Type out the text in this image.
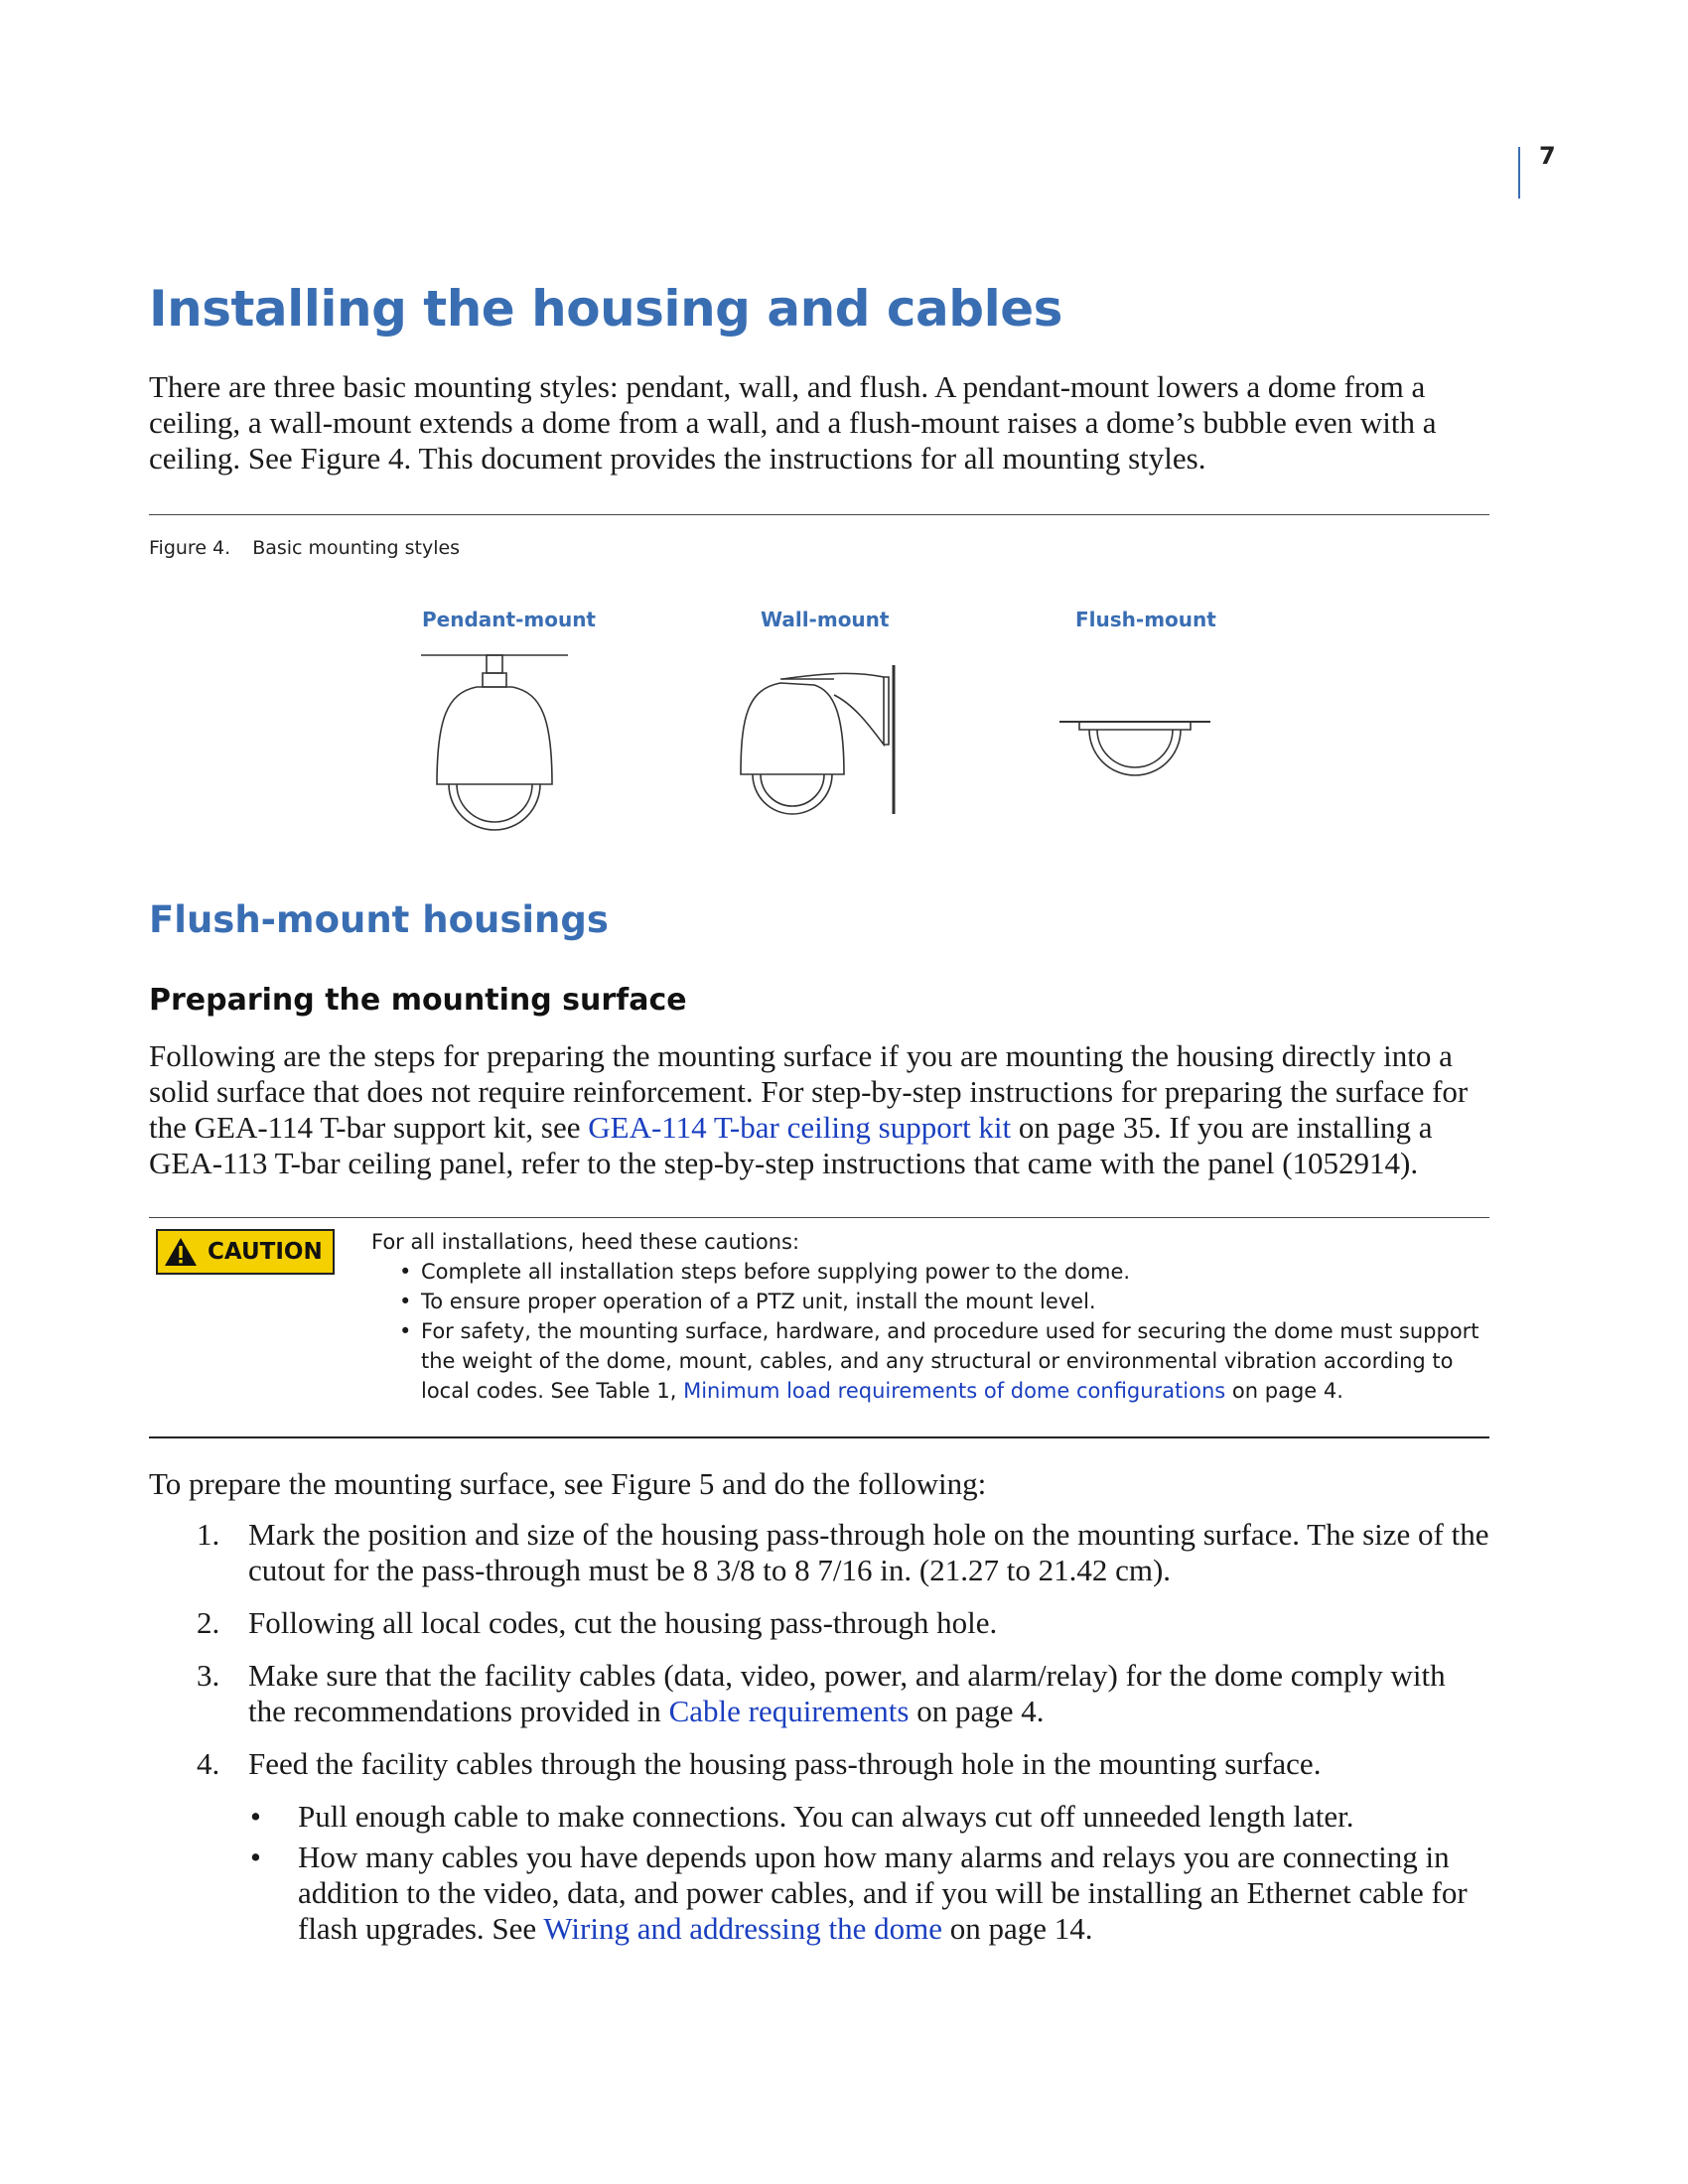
7
Installing the housing and cables

There are three basic mounting styles: pendant, wall, and flush. A pendant-mount lowers a dome from a ceiling, a wall-mount extends a dome from a wall, and a flush-mount raises a dome’s bubble even with a ceiling. See Figure 4. This document provides the instructions for all mounting styles.

Figure 4. Basic mounting styles
Pendant-mount	Wall-mount	Flush-mount
Flush-mount housings
Preparing the mounting surface

Following are the steps for preparing the mounting surface if you are mounting the housing directly into a solid surface that does not require reinforcement. For step-by-step instructions for preparing the surface for the GEA-114 T-bar support kit, see GEA-114 T-bar ceiling support kit on page 35. If you are installing a GEA-113 T-bar ceiling panel, refer to the step-by-step instructions that came with the panel (1052914).

CAUTION For all installations, heed these cautions:
• Complete all installation steps before supplying power to the dome.
• To ensure proper operation of a PTZ unit, install the mount level.
• For safety, the mounting surface, hardware, and procedure used for securing the dome must support the weight of the dome, mount, cables, and any structural or environmental vibration according to local codes. See Table 1, Minimum load requirements of dome configurations on page 4.

To prepare the mounting surface, see Figure 5 and do the following:

1. Mark the position and size of the housing pass-through hole on the mounting surface. The size of the cutout for the pass-through must be 8 3/8 to 8 7/16 in. (21.27 to 21.42 cm).
2. Following all local codes, cut the housing pass-through hole.
3. Make sure that the facility cables (data, video, power, and alarm/relay) for the dome comply with the recommendations provided in Cable requirements on page 4.
4. Feed the facility cables through the housing pass-through hole in the mounting surface.
• Pull enough cable to make connections. You can always cut off unneeded length later.
• How many cables you have depends upon how many alarms and relays you are connecting in addition to the video, data, and power cables, and if you will be installing an Ethernet cable for flash upgrades. See Wiring and addressing the dome on page 14.
